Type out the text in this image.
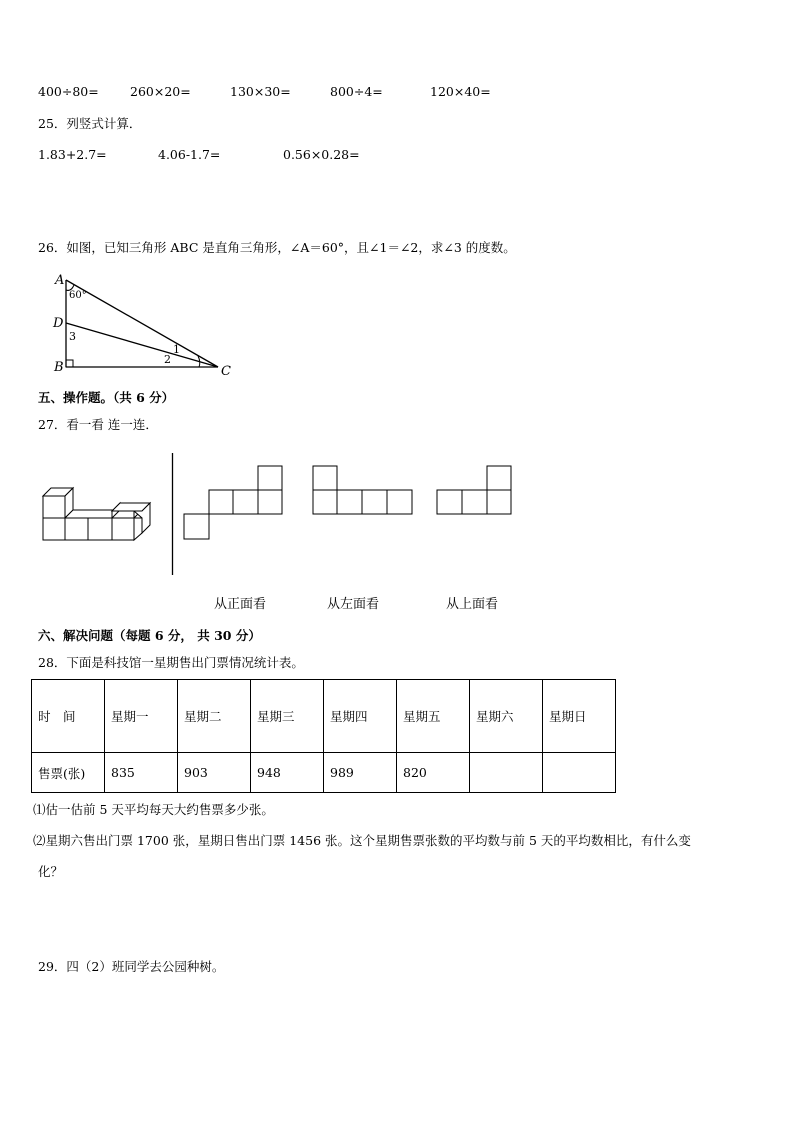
400÷80=	260×20=	130×30=	800÷4=	120×40=
25．列竖式计算．
1.83+2.7=	4.06-1.7=	0.56×0.28=
26．如图，已知三角形 ABC 是直角三角形，∠A＝60°，且∠1＝∠2，求∠3 的度数。
A
60°
D
3
B
1
2
C
五、操作题。（共 6 分）
27．看一看 连一连．
从正面看	从左面看	从上面看
六、解决问题（每题 6 分， 共 30 分）
28．下面是科技馆一星期售出门票情况统计表。
时　间	星期一	星期二	星期三	星期四	星期五	星期六	星期日
售票(张)	835	903	948	989	820		
⑴估一估前 5 天平均每天大约售票多少张。
⑵星期六售出门票 1700 张，星期日售出门票 1456 张。这个星期售票张数的平均数与前 5 天的平均数相比，有什么变
化？
29．四（2）班同学去公园种树。
